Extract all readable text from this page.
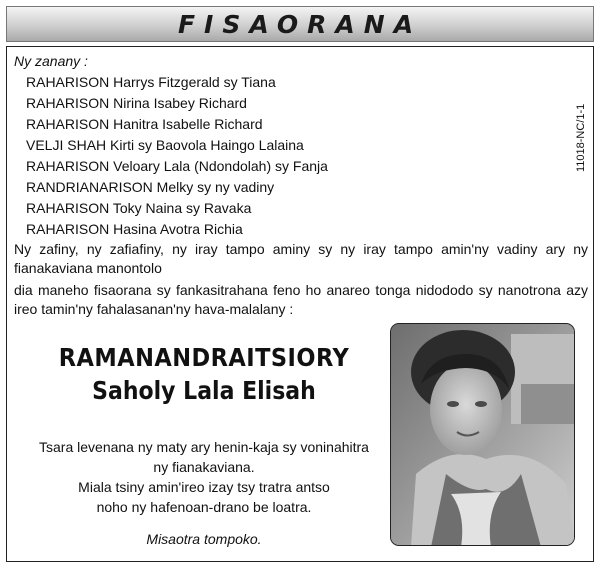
FISAORANA
Ny zanany :
RAHARISON Harrys Fitzgerald sy Tiana
RAHARISON Nirina Isabey Richard
RAHARISON Hanitra Isabelle Richard
VELJI SHAH Kirti sy Baovola Haingo Lalaina
RAHARISON Veloary Lala (Ndondolah) sy Fanja
RANDRIANARISON Melky sy ny vadiny
RAHARISON Toky Naina sy Ravaka
RAHARISON Hasina Avotra Richia
11018-NC/1-1

Ny zafiny, ny zafiafiny, ny iray tampo aminy sy ny iray tampo amin'ny vadiny ary ny fianakaviana manontolo

dia maneho fisaorana sy fankasitrahana feno ho anareo tonga nidododo sy nanotrona azy ireo tamin'ny fahalasanan'ny hava-malalany :

RAMANANDRAITSIORY
Saholy Lala Elisah
Tsara levenana ny maty ary henin-kaja sy voninahitra
ny fianakaviana.
Miala tsiny amin'ireo izay tsy tratra antso
noho ny hafenoan-drano be loatra.
Misaotra tompoko.
